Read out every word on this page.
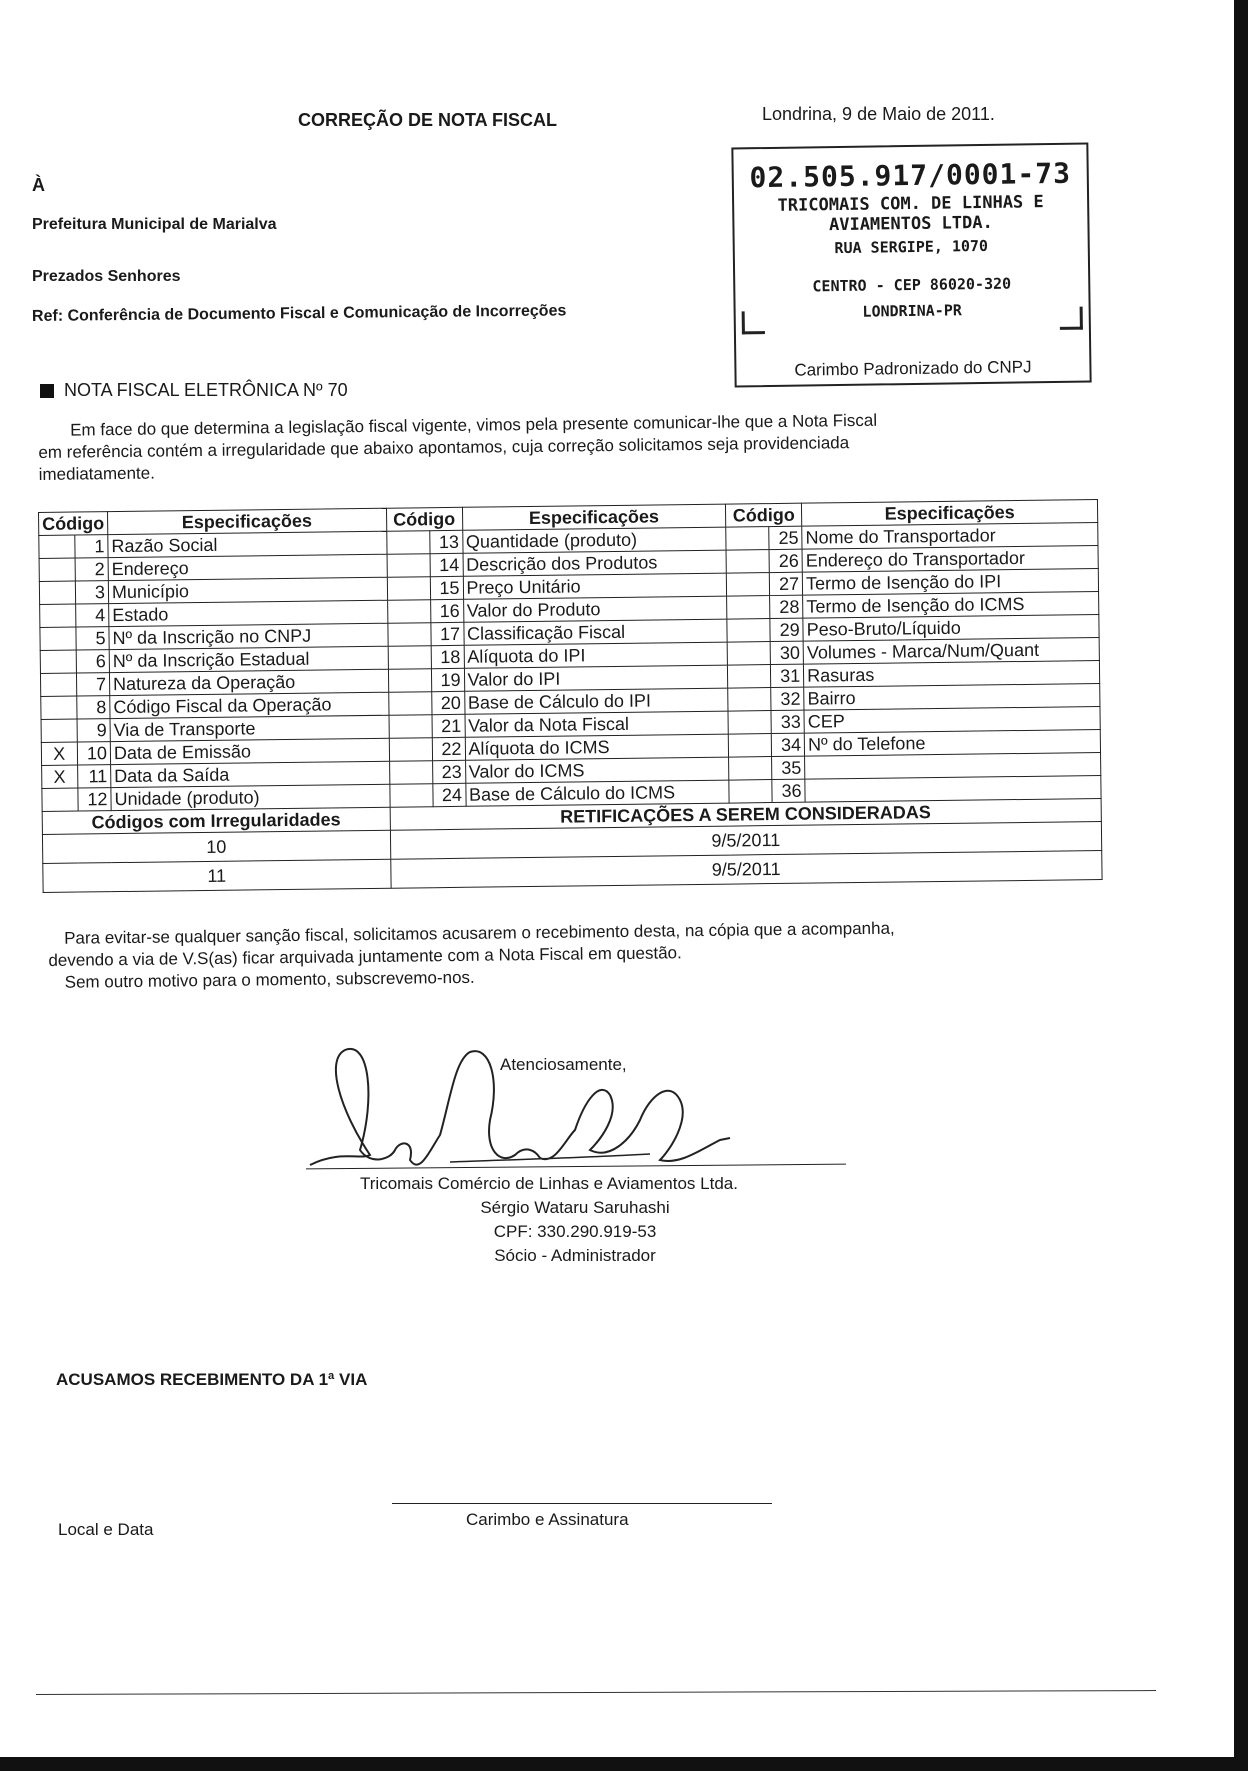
CORREÇÃO DE NOTA FISCAL	Londrina, 9 de Maio de 2011.
À
Prefeitura Municipal de Marialva
Prezados Senhores
Ref: Conferência de Documento Fiscal e Comunicação de Incorreções
02.505.917/0001-73
TRICOMAIS COM. DE LINHAS E
AVIAMENTOS LTDA.
RUA SERGIPE, 1070
CENTRO - CEP 86020-320
LONDRINA-PR
Carimbo Padronizado do CNPJ
NOTA FISCAL ELETRÔNICA Nº 70

Em face do que determina a legislação fiscal vigente, vimos pela presente comunicar-lhe que a Nota Fiscal

em referência contém a irregularidade que abaixo apontamos, cuja correção solicitamos seja providenciada

imediatamente.

Código		Especificações	Código		Especificações	Código		Especificações
	1	Razão Social		13	Quantidade (produto)		25	Nome do Transportador
	2	Endereço		14	Descrição dos Produtos		26	Endereço do Transportador
	3	Município		15	Preço Unitário		27	Termo de Isenção do IPI
	4	Estado		16	Valor do Produto		28	Termo de Isenção do ICMS
	5	Nº da Inscrição no CNPJ		17	Classificação Fiscal		29	Peso-Bruto/Líquido
	6	Nº da Inscrição Estadual		18	Alíquota do IPI		30	Volumes - Marca/Num/Quant
	7	Natureza da Operação		19	Valor do IPI		31	Rasuras
	8	Código Fiscal da Operação		20	Base de Cálculo do IPI		32	Bairro
	9	Via de Transporte		21	Valor da Nota Fiscal		33	CEP
X	10	Data de Emissão		22	Alíquota do ICMS		34	Nº do Telefone
X	11	Data da Saída		23	Valor do ICMS		35	
	12	Unidade (produto)		24	Base de Cálculo do ICMS		36	
Códigos com Irregularidades			RETIFICAÇÕES A SEREM CONSIDERADAS					
10			9/5/2011					
11			9/5/2011					

Para evitar-se qualquer sanção fiscal, solicitamos acusarem o recebimento desta, na cópia que a acompanha,

devendo a via de V.S(as) ficar arquivada juntamente com a Nota Fiscal em questão.

Sem outro motivo para o momento, subscrevemo-nos.

Atenciosamente,
Tricomais Comércio de Linhas e Aviamentos Ltda.
Sérgio Wataru Saruhashi
CPF: 330.290.919-53
Sócio - Administrador
ACUSAMOS RECEBIMENTO DA 1ª VIA
Local e Data
Carimbo e Assinatura
